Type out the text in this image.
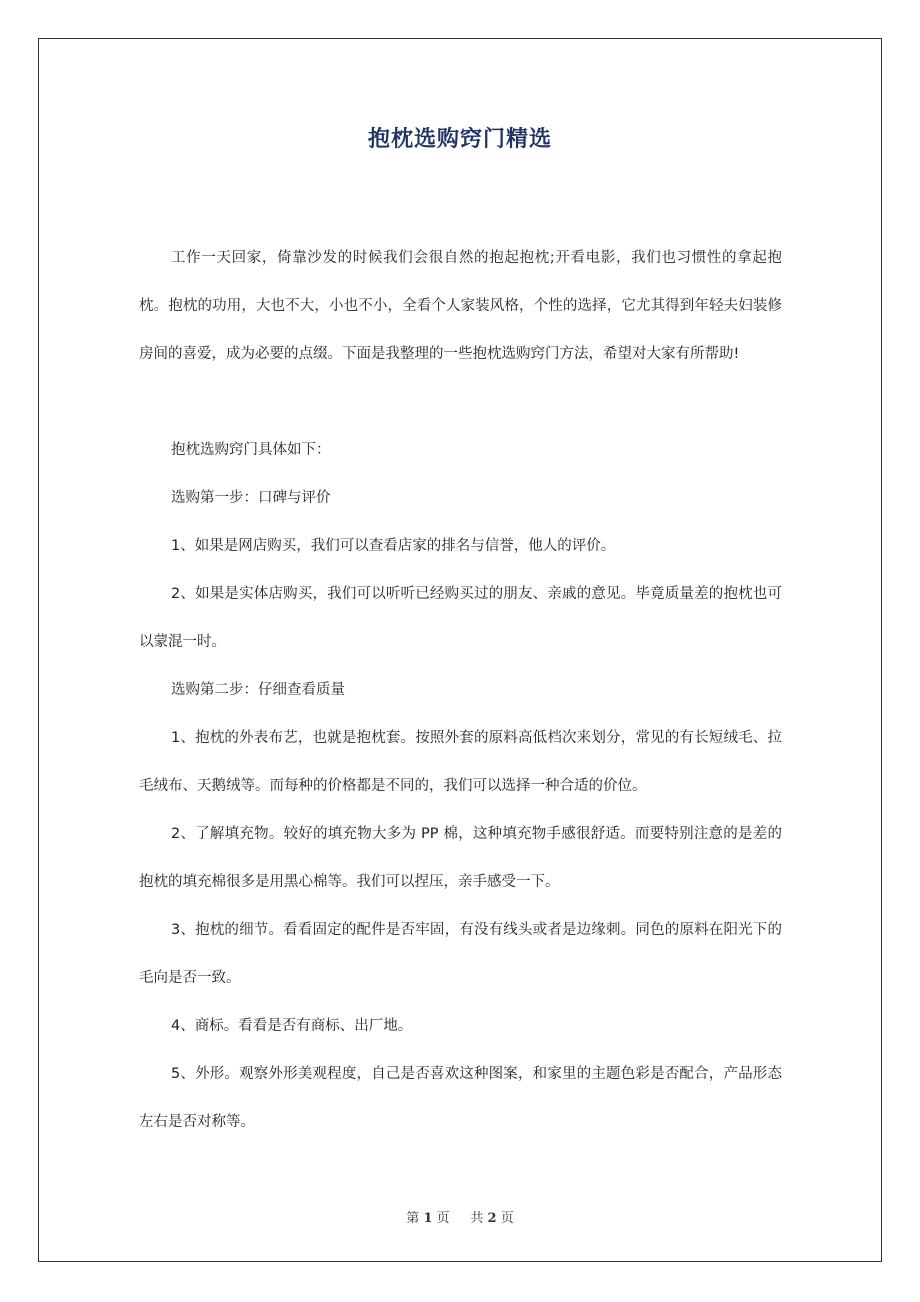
抱枕选购窍门精选

工作一天回家，倚靠沙发的时候我们会很自然的抱起抱枕;开看电影，我们也习惯性的拿起抱枕。抱枕的功用，大也不大，小也不小，全看个人家装风格，个性的选择，它尤其得到年轻夫妇装修房间的喜爱，成为必要的点缀。下面是我整理的一些抱枕选购窍门方法，希望对大家有所帮助!

抱枕选购窍门具体如下：

选购第一步：口碑与评价

1、如果是网店购买，我们可以查看店家的排名与信誉，他人的评价。

2、如果是实体店购买，我们可以听听已经购买过的朋友、亲戚的意见。毕竟质量差的抱枕也可以蒙混一时。

选购第二步：仔细查看质量

1、抱枕的外表布艺，也就是抱枕套。按照外套的原料高低档次来划分，常见的有长短绒毛、拉毛绒布、天鹅绒等。而每种的价格都是不同的，我们可以选择一种合适的价位。

2、了解填充物。较好的填充物大多为 PP 棉，这种填充物手感很舒适。而要特别注意的是差的抱枕的填充棉很多是用黑心棉等。我们可以捏压，亲手感受一下。

3、抱枕的细节。看看固定的配件是否牢固，有没有线头或者是边缘刺。同色的原料在阳光下的毛向是否一致。

4、商标。看看是否有商标、出厂地。

5、外形。观察外形美观程度，自己是否喜欢这种图案，和家里的主题色彩是否配合，产品形态左右是否对称等。

第 1 页 共 2 页
